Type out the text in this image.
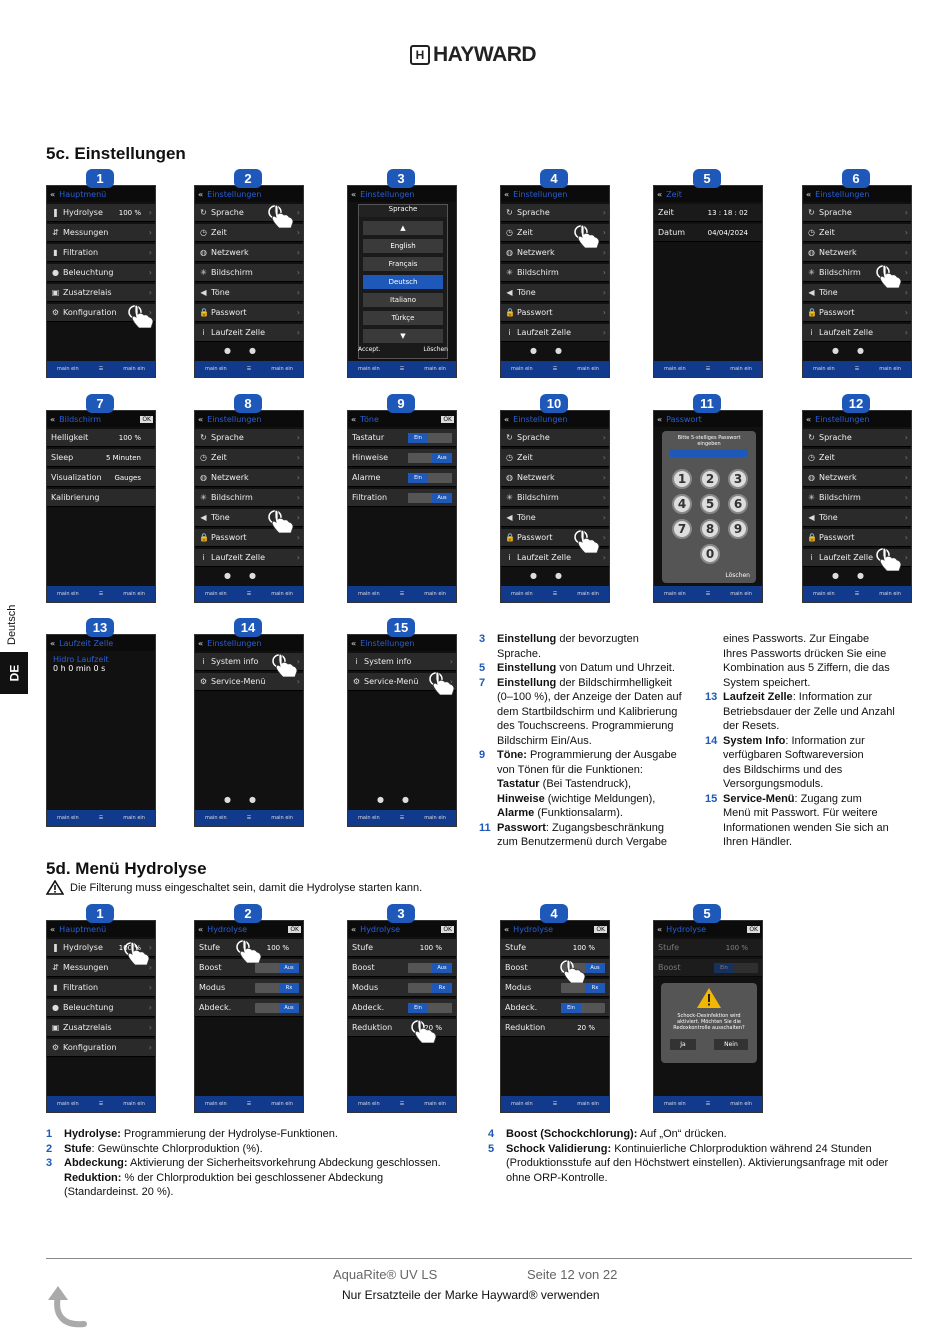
H HAYWARD
5c. Einstellungen
Deutsch
DE
« Hauptmenü
❚ Hydrolyse 100 % ›
⇵ Messungen	›
▮ Filtration	›
● Beleuchtung	›
▣ Zusatzrelais	›
⚙ Konfiguration	›
main ein	☰	main ein
« Einstellungen
↻ Sprache	›
◷ Zeit	›
◍ Netzwerk	›
✳ Bildschirm	›
◀ Töne	›
🔒 Passwort	›
i Laufzeit Zelle	›
●●
main ein	☰	main ein
« Einstellungen
Sprache
▲
English
Français
Deutsch
Italiano
Türkçe
▼
Accept.	Löschen
main ein	☰	main ein
« Einstellungen
↻ Sprache	›
◷ Zeit	›
◍ Netzwerk	›
✳ Bildschirm	›
◀ Töne	›
🔒 Passwort	›
i Laufzeit Zelle	›
●●
main ein	☰	main ein
« Zeit
Zeit	13 : 18 : 02
Datum	04/04/2024
main ein	☰	main ein
« Einstellungen
↻ Sprache	›
◷ Zeit	›
◍ Netzwerk	›
✳ Bildschirm	›
◀ Töne	›
🔒 Passwort	›
i Laufzeit Zelle	›
●●
main ein	☰	main ein
« Bildschirm	OK
Helligkeit	100 %
Sleep	5 Minuten
Visualization Gauges
Kalibrierung
main ein	☰	main ein
« Einstellungen
↻ Sprache	›
◷ Zeit	›
◍ Netzwerk	›
✳ Bildschirm	›
◀ Töne	›
🔒 Passwort	›
i Laufzeit Zelle	›
●●
main ein	☰	main ein
« Töne	OK
Tastatur	Ein
Hinweise	Aus
Alarme	Ein
Filtration	Aus
main ein	☰	main ein
« Einstellungen
↻ Sprache	›
◷ Zeit	›
◍ Netzwerk	›
✳ Bildschirm	›
◀ Töne	›
🔒 Passwort	›
i Laufzeit Zelle	›
●●
main ein	☰	main ein
« Passwort
Bitte 5-stelliges Passwort eingeben
1	2	3
4	5	6
7	8	9
0
Löschen
main ein	☰	main ein
« Einstellungen
↻ Sprache	›
◷ Zeit	›
◍ Netzwerk	›
✳ Bildschirm	›
◀ Töne	›
🔒 Passwort	›
i Laufzeit Zelle	›
●●
main ein	☰	main ein
« Laufzeit Zelle
Hidro Laufzeit
0 h 0 min 0 s
main ein	☰	main ein
« Einstellungen
i System info	›
⚙ Service-Menü	›
●●
main ein	☰	main ein
« Einstellungen
i System info	›
⚙ Service-Menü	›
●●
main ein	☰	main ein
« Hauptmenü
❚ Hydrolyse 100 % ›
⇵ Messungen	›
▮ Filtration	›
● Beleuchtung	›
▣ Zusatzrelais	›
⚙ Konfiguration	›
main ein	☰	main ein
« Hydrolyse	OK
Stufe	100 %
Boost	Aus
Modus	Rx
Abdeck.	Aus
main ein	☰	main ein
« Hydrolyse	OK
Stufe	100 %
Boost	Aus
Modus	Rx
Abdeck.	Ein
Reduktion	20 %
main ein	☰	main ein
« Hydrolyse	OK
Stufe	100 %
Boost	Aus
Modus	Rx
Abdeck.	Ein
Reduktion	20 %
main ein	☰	main ein
« Hydrolyse	OK
Stufe	100 %
Boost	Ein
Schock-Desinfektion wird aktiviert. Möchten Sie die Redoxkontrolle ausschalten?
Ja	Nein
main ein	☰	main ein
3	Einstellung der bevorzugten
Sprache.
5	Einstellung von Datum und Uhrzeit.
7	Einstellung der Bildschirmhelligkeit
(0–100 %), der Anzeige der Daten auf
dem Startbildschirm und Kalibrierung
des Touchscreens. Programmierung
Bildschirm Ein/Aus.
9	Töne: Programmierung der Ausgabe
von Tönen für die Funktionen:
Tastatur (Bei Tastendruck),
Hinweise (wichtige Meldungen),
Alarme (Funktionsalarm).
11 Passwort: Zugangsbeschränkung
zum Benutzermenü durch Vergabe
eines Passworts. Zur Eingabe
Ihres Passworts drücken Sie eine
Kombination aus 5 Ziffern, die das
System speichert.
13 Laufzeit Zelle: Information zur
Betriebsdauer der Zelle und Anzahl
der Resets.
14 System Info: Information zur
verfügbaren Softwareversion
des Bildschirms und des
Versorgungsmoduls.
15 Service-Menü: Zugang zum
Menü mit Passwort. Für weitere
Informationen wenden Sie sich an
Ihren Händler.
5d. Menü Hydrolyse
Die Filterung muss eingeschaltet sein, damit die Hydrolyse starten kann.
1	Hydrolyse: Programmierung der Hydrolyse-Funktionen.
2	Stufe: Gewünschte Chlorproduktion (%).
3	Abdeckung: Aktivierung der Sicherheitsvorkehrung Abdeckung geschlossen.
Reduktion: % der Chlorproduktion bei geschlossener Abdeckung
(Standardeinst. 20 %).
4	Boost (Schockchlorung): Auf „On“ drücken.
5	Schock Validierung: Kontinuierliche Chlorproduktion während 24 Stunden
(Produktionsstufe auf den Höchstwert einstellen). Aktivierungsanfrage mit oder
ohne ORP-Kontrolle.
AquaRite® UV LS	Seite 12 von 22
Nur Ersatzteile der Marke Hayward® verwenden
1	2	3	4	5	6
7	8	9	10	11	12
13	14	15
1	2	3	4	5
